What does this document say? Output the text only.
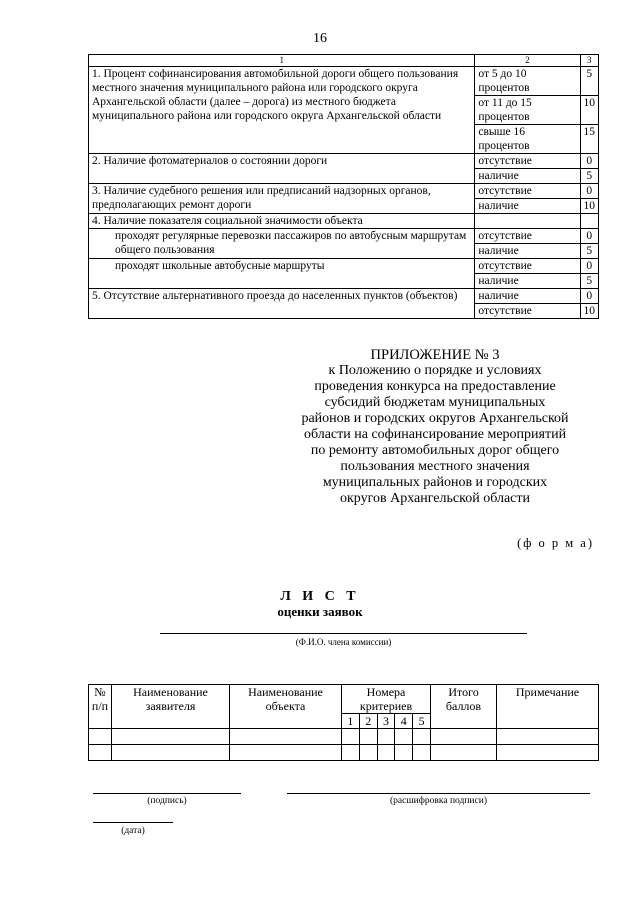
16
1	2	3
1. Процент софинансирования автомобильной дороги общего пользования местного значения муниципального района или городского округа Архангельской области (далее – дорога) из местного бюджета муниципального района или городского округа Архангельской области	от 5 до 10 процентов	5
	от 11 до 15 процентов	10
	свыше 16 процентов	15
2. Наличие фотоматериалов о состоянии дороги	отсутствие	0
	наличие	5
3. Наличие судебного решения или предписаний надзорных органов, предполагающих ремонт дороги	отсутствие	0
	наличие	10
4. Наличие показателя социальной значимости объекта		
проходят регулярные перевозки пассажиров по автобусным маршрутам общего пользования	отсутствие	0
	наличие	5
проходят школьные автобусные маршруты	отсутствие	0
	наличие	5
5. Отсутствие альтернативного проезда до населенных пунктов (объектов)	наличие	0
	отсутствие	10
ПРИЛОЖЕНИЕ № 3
к Положению о порядке и условиях
проведения конкурса на предоставление
субсидий бюджетам муниципальных
районов и городских округов Архангельской
области на софинансирование мероприятий
по ремонту автомобильных дорог общего
пользования местного значения
муниципальных районов и городских
округов Архангельской области
(ф о р м а)
Л И С Т
оценки заявок
(Ф.И.О. члена комиссии)
№ п/п	Наименование заявителя	Наименование объекта	Номера критериев					Итого баллов	Примечание
			1	2	3	4	5		

(подпись)	(расшифровка подписи)
(дата)
